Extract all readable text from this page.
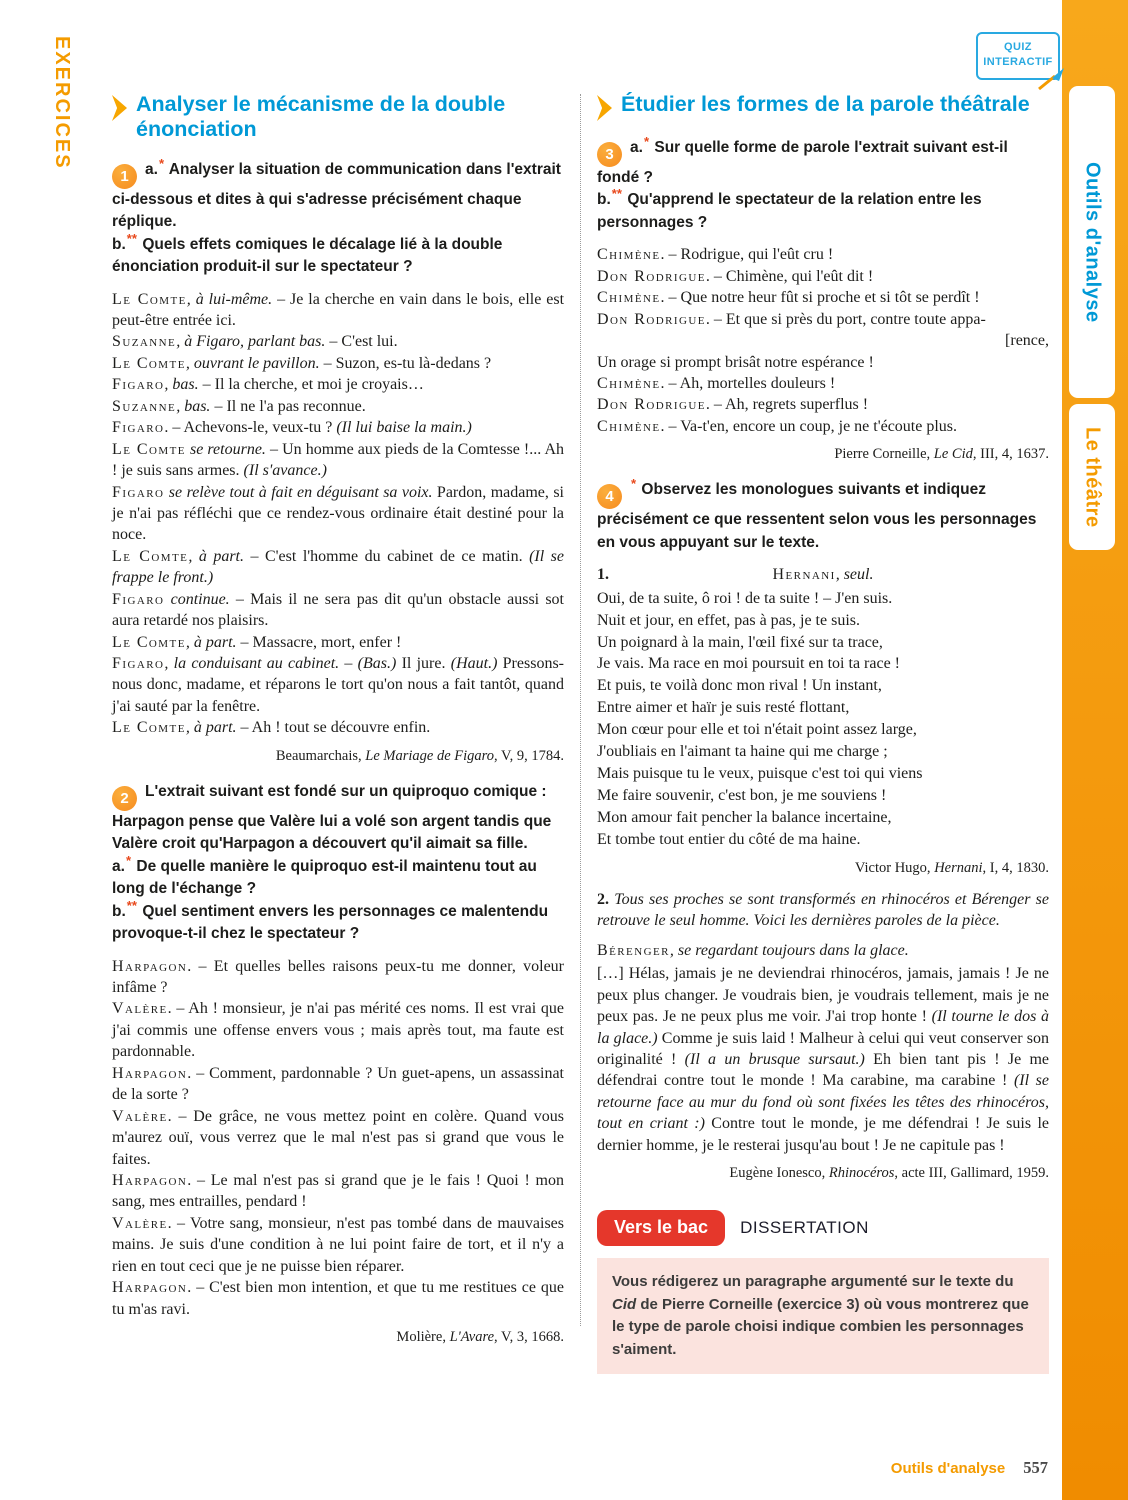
EXERCICES	QUIZ
INTERACTIF
Outils d'analyse
Le théâtre
Analyser le mécanisme de la double énonciation

1 a.* Analyser la situation de communication dans l'extrait ci-dessous et dites à qui s'adresse précisément chaque réplique.
b.** Quels effets comiques le décalage lié à la double énonciation produit-il sur le spectateur ?

Le Comte, à lui-même. – Je la cherche en vain dans le bois, elle est peut-être entrée ici.

Suzanne, à Figaro, parlant bas. – C'est lui.

Le Comte, ouvrant le pavillon. – Suzon, es-tu là-dedans ?

Figaro, bas. – Il la cherche, et moi je croyais…

Suzanne, bas. – Il ne l'a pas reconnue.

Figaro. – Achevons-le, veux-tu ? (Il lui baise la main.)

Le Comte se retourne. – Un homme aux pieds de la Comtesse !... Ah ! je suis sans armes. (Il s'avance.)

Figaro se relève tout à fait en déguisant sa voix. Pardon, madame, si je n'ai pas réfléchi que ce rendez-vous ordinaire était destiné pour la noce.

Le Comte, à part. – C'est l'homme du cabinet de ce matin. (Il se frappe le front.)

Figaro continue. – Mais il ne sera pas dit qu'un obstacle aussi sot aura retardé nos plaisirs.

Le Comte, à part. – Massacre, mort, enfer !

Figaro, la conduisant au cabinet. – (Bas.) Il jure. (Haut.) Pressons-nous donc, madame, et réparons le tort qu'on nous a fait tantôt, quand j'ai sauté par la fenêtre.

Le Comte, à part. – Ah ! tout se découvre enfin.

Beaumarchais, Le Mariage de Figaro, V, 9, 1784.

2 L'extrait suivant est fondé sur un quiproquo comique : Harpagon pense que Valère lui a volé son argent tandis que Valère croit qu'Harpagon a découvert qu'il aimait sa fille.
a.* De quelle manière le quiproquo est-il maintenu tout au long de l'échange ?
b.** Quel sentiment envers les personnages ce malentendu provoque-t-il chez le spectateur ?

Harpagon. – Et quelles belles raisons peux-tu me donner, voleur infâme ?

Valère. – Ah ! monsieur, je n'ai pas mérité ces noms. Il est vrai que j'ai commis une offense envers vous ; mais après tout, ma faute est pardonnable.

Harpagon. – Comment, pardonnable ? Un guet-apens, un assassinat de la sorte ?

Valère. – De grâce, ne vous mettez point en colère. Quand vous m'aurez ouï, vous verrez que le mal n'est pas si grand que vous le faites.

Harpagon. – Le mal n'est pas si grand que je le fais ! Quoi ! mon sang, mes entrailles, pendard !

Valère. – Votre sang, monsieur, n'est pas tombé dans de mauvaises mains. Je suis d'une condition à ne lui point faire de tort, et il n'y a rien en tout ceci que je ne puisse bien réparer.

Harpagon. – C'est bien mon intention, et que tu me restitues ce que tu m'as ravi.

Molière, L'Avare, V, 3, 1668.

Étudier les formes de la parole théâtrale

3 a.* Sur quelle forme de parole l'extrait suivant est-il fondé ?
b.** Qu'apprend le spectateur de la relation entre les personnages ?

Chimène. – Rodrigue, qui l'eût cru !

Don Rodrigue. – Chimène, qui l'eût dit !

Chimène. – Que notre heur fût si proche et si tôt se perdît !

Don Rodrigue. – Et que si près du port, contre toute appa-

[rence,

Un orage si prompt brisât notre espérance !

Chimène. – Ah, mortelles douleurs !

Don Rodrigue. – Ah, regrets superflus !

Chimène. – Va-t'en, encore un coup, je ne t'écoute plus.

Pierre Corneille, Le Cid, III, 4, 1637.

4* Observez les monologues suivants et indiquez précisément ce que ressentent selon vous les personnages en vous appuyant sur le texte.

1.	Hernani, seul.

Oui, de ta suite, ô roi ! de ta suite ! – J'en suis.
Nuit et jour, en effet, pas à pas, je te suis.
Un poignard à la main, l'œil fixé sur ta trace,
Je vais. Ma race en moi poursuit en toi ta race !
Et puis, te voilà donc mon rival ! Un instant,
Entre aimer et haïr je suis resté flottant,
Mon cœur pour elle et toi n'était point assez large,
J'oubliais en l'aimant ta haine qui me charge ;
Mais puisque tu le veux, puisque c'est toi qui viens
Me faire souvenir, c'est bon, je me souviens !
Mon amour fait pencher la balance incertaine,
Et tombe tout entier du côté de ma haine.

Victor Hugo, Hernani, I, 4, 1830.

2. Tous ses proches se sont transformés en rhinocéros et Bérenger se retrouve le seul homme. Voici les dernières paroles de la pièce.

Bérenger, se regardant toujours dans la glace.

[…] Hélas, jamais je ne deviendrai rhinocéros, jamais, jamais ! Je ne peux plus changer. Je voudrais bien, je voudrais tellement, mais je ne peux pas. Je ne peux plus me voir. J'ai trop honte ! (Il tourne le dos à la glace.) Comme je suis laid ! Malheur à celui qui veut conserver son originalité ! (Il a un brusque sursaut.) Eh bien tant pis ! Je me défendrai contre tout le monde ! Ma carabine, ma carabine ! (Il se retourne face au mur du fond où sont fixées les têtes des rhinocéros, tout en criant :) Contre tout le monde, je me défendrai ! Je suis le dernier homme, je le resterai jusqu'au bout ! Je ne capitule pas !

Eugène Ionesco, Rhinocéros, acte III, Gallimard, 1959.

Vers le bac	DISSERTATION
Vous rédigerez un paragraphe argumenté sur le texte du Cid de Pierre Corneille (exercice 3) où vous montrerez que le type de parole choisi indique combien les personnages s'aiment.
Outils d'analyse 557
